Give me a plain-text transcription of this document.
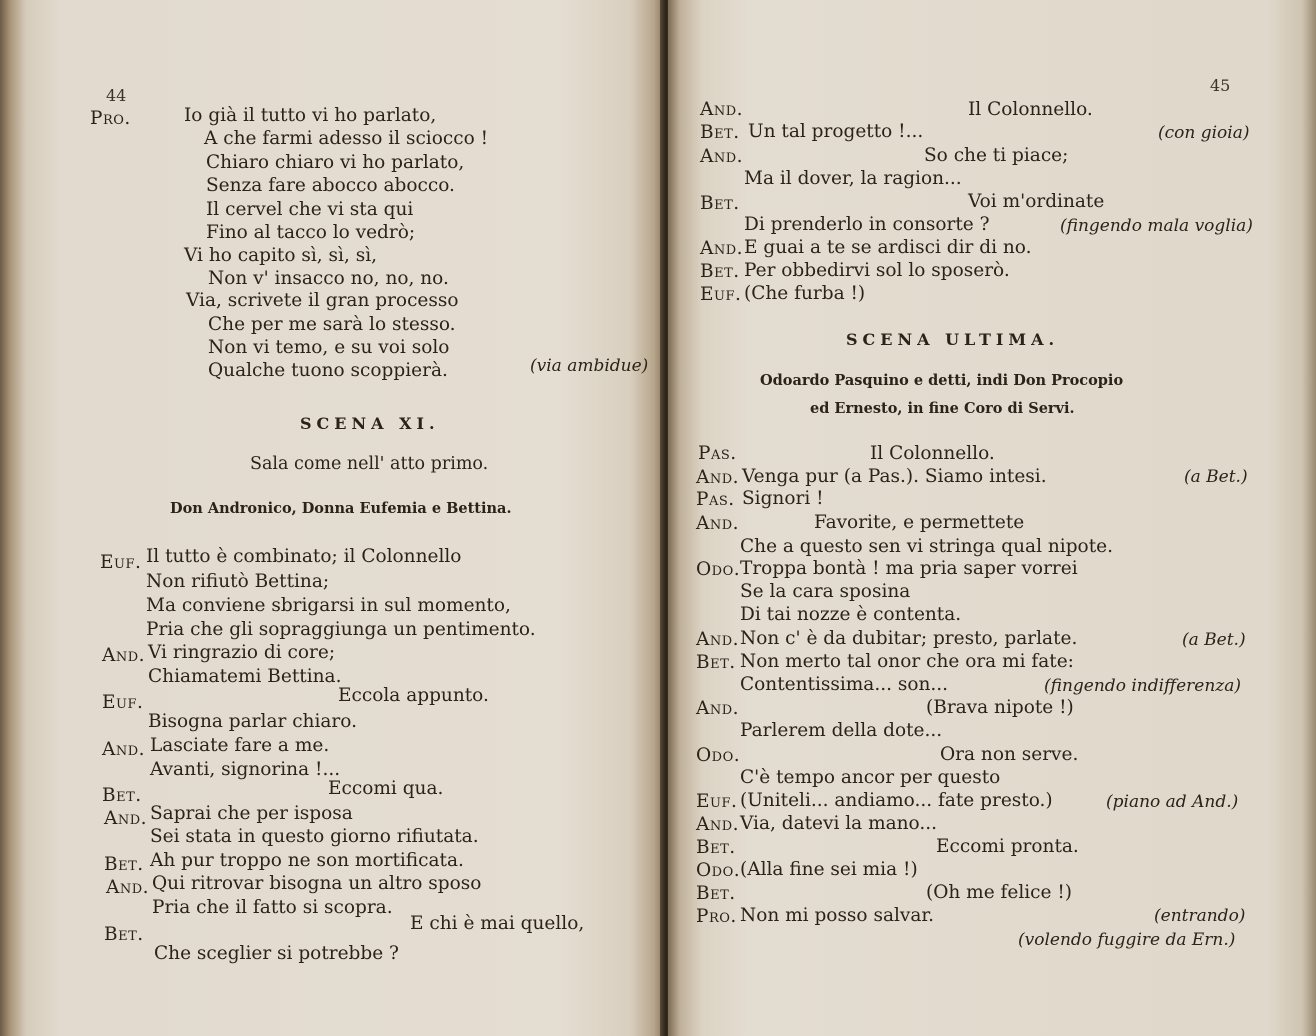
44
Pro.	Io già il tutto vi ho parlato,
A che farmi adesso il sciocco !
Chiaro chiaro vi ho parlato,
Senza fare abocco abocco.
Il cervel che vi sta qui
Fino al tacco lo vedrò;
Vi ho capito sì, sì, sì,
Non v' insacco no, no, no.
Via, scrivete il gran processo
Che per me sarà lo stesso.
Non vi temo, e su voi solo
Qualche tuono scoppierà.	(via ambidue)
SCENA XI.
Sala come nell' atto primo.
Don Andronico, Donna Eufemia e Bettina.
Euf. Il tutto è combinato; il Colonnello
Non rifiutò Bettina;
Ma conviene sbrigarsi in sul momento,
Pria che gli sopraggiunga un pentimento.
And. Vi ringrazio di core;
Chiamatemi Bettina.
Euf.	Eccola appunto.
Bisogna parlar chiaro.
And. Lasciate fare a me.
Avanti, signorina !...
Bet.	Eccomi qua.
And. Saprai che per isposa
Sei stata in questo giorno rifiutata.
Bet. Ah pur troppo ne son mortificata.
And. Qui ritrovar bisogna un altro sposo
Pria che il fatto si scopra.
Bet.
E chi è mai quello,
Che sceglier si potrebbe ?
45
And.	Il Colonnello.
Bet. Un tal progetto !...	(con gioia)
And.	So che ti piace;
Ma il dover, la ragion...
Bet.	Voi m'ordinate
Di prenderlo in consorte ?	(fingendo mala voglia)
And. E guai a te se ardisci dir di no.
Bet. Per obbedirvi sol lo sposerò.
Euf. (Che furba !)
SCENA ULTIMA.
Odoardo Pasquino e detti, indi Don Procopio
ed Ernesto, in fine Coro di Servi.
Pas.	Il Colonnello.
And. Venga pur (a Pas.). Siamo intesi.	(a Bet.)
Pas. Signori !
And.	Favorite, e permettete
Che a questo sen vi stringa qual nipote.
Odo. Troppa bontà ! ma pria saper vorrei
Se la cara sposina
Di tai nozze è contenta.
And. Non c' è da dubitar; presto, parlate.	(a Bet.)
Bet. Non merto tal onor che ora mi fate:
Contentissima... son...	(fingendo indifferenza)
And.	(Brava nipote !)
Parlerem della dote...
Odo.	Ora non serve.
C'è tempo ancor per questo
Euf. (Uniteli... andiamo... fate presto.)	(piano ad And.)
And. Via, datevi la mano...
Bet.	Eccomi pronta.
Odo. (Alla fine sei mia !)
Bet.	(Oh me felice !)
Pro. Non mi posso salvar.	(entrando)
(volendo fuggire da Ern.)
